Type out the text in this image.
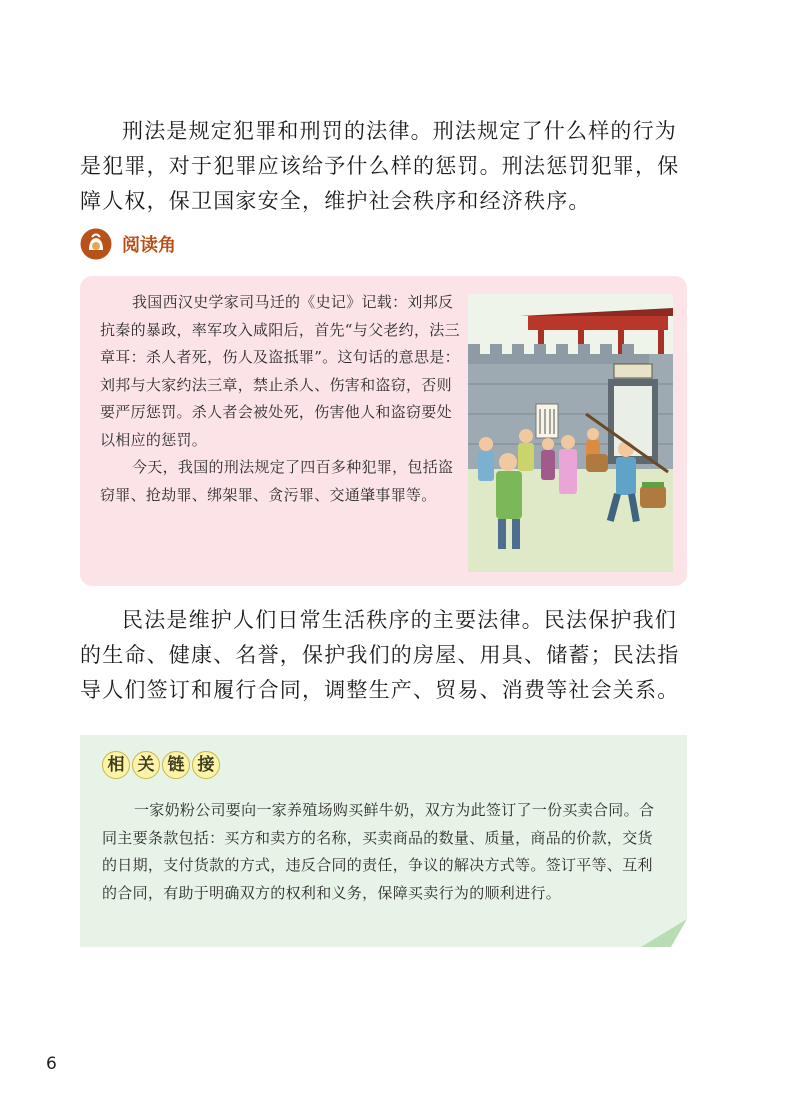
刑法是规定犯罪和刑罚的法律。刑法规定了什么样的行为是犯罪，对于犯罪应该给予什么样的惩罚。刑法惩罚犯罪，保障人权，保卫国家安全，维护社会秩序和经济秩序。

阅读角

我国西汉史学家司马迁的《史记》记载：刘邦反抗秦的暴政，率军攻入咸阳后，首先“与父老约，法三章耳：杀人者死，伤人及盗抵罪”。这句话的意思是：刘邦与大家约法三章，禁止杀人、伤害和盗窃，否则要严厉惩罚。杀人者会被处死，伤害他人和盗窃要处以相应的惩罚。

今天，我国的刑法规定了四百多种犯罪，包括盗窃罪、抢劫罪、绑架罪、贪污罪、交通肇事罪等。

民法是维护人们日常生活秩序的主要法律。民法保护我们的生命、健康、名誉，保护我们的房屋、用具、储蓄；民法指导人们签订和履行合同，调整生产、贸易、消费等社会关系。

相 关 链 接

一家奶粉公司要向一家养殖场购买鲜牛奶，双方为此签订了一份买卖合同。合同主要条款包括：买方和卖方的名称，买卖商品的数量、质量，商品的价款，交货的日期，支付货款的方式，违反合同的责任，争议的解决方式等。签订平等、互利的合同，有助于明确双方的权利和义务，保障买卖行为的顺利进行。

6
